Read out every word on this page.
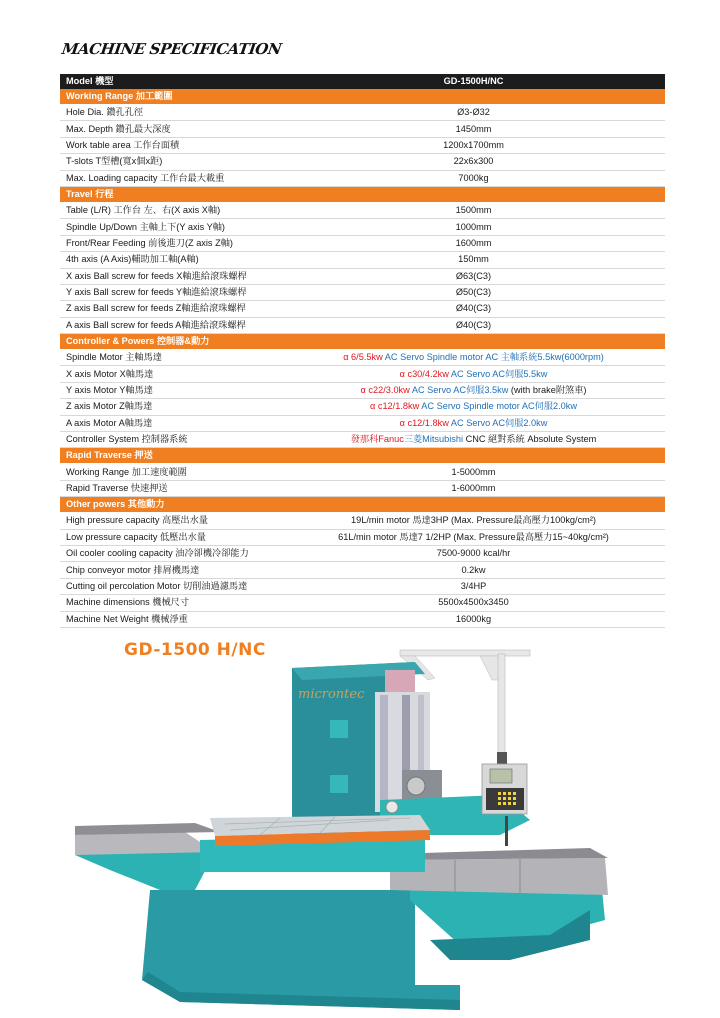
MACHINE SPECIFICATION
Model 機型	GD-1500H/NC
Working Range 加工範圍	
Hole Dia. 鑽孔孔徑	Ø3-Ø32
Max. Depth 鑽孔最大深度	1450mm
Work table area 工作台面積	1200x1700mm
T-slots T型槽(寬x個x距)	22x6x300
Max. Loading capacity 工作台最大載重	7000kg
Travel 行程	
Table (L/R) 工作台 左、右(X axis X軸)	1500mm
Spindle Up/Down 主軸上下(Y axis Y軸)	1000mm
Front/Rear Feeding 前後進刀(Z axis Z軸)	1600mm
4th axis (A Axis)輔助加工軸(A軸)	150mm
X axis Ball screw for feeds X軸進給滾珠螺桿	Ø63(C3)
Y axis Ball screw for feeds Y軸進給滾珠螺桿	Ø50(C3)
Z axis Ball screw for feeds Z軸進給滾珠螺桿	Ø40(C3)
A axis Ball screw for feeds A軸進給滾珠螺桿	Ø40(C3)
Controller & Powers 控制器&動力	
Spindle Motor 主軸馬達	α 6/5.5kw AC Servo Spindle motor AC 主軸系統5.5kw(6000rpm)
X axis Motor X軸馬達	α c30/4.2kw AC Servo AC伺服5.5kw
Y axis Motor Y軸馬達	α c22/3.0kw AC Servo AC伺服3.5kw (with brake附煞車)
Z axis Motor Z軸馬達	α c12/1.8kw AC Servo Spindle motor AC伺服2.0kw
A axis Motor A軸馬達	α c12/1.8kw AC Servo AC伺服2.0kw
Controller System 控制器系統	發那科Fanuc三菱Mitsubishi CNC 絕對系統 Absolute System
Rapid Traverse 押送	
Working Range 加工速度範圍	1-5000mm
Rapid Traverse 快速押送	1-6000mm
Other powers 其他動力	
High pressure capacity 高壓出水量	19L/min motor 馬達3HP (Max. Pressure最高壓力100kg/cm²)
Low pressure capacity 低壓出水量	61L/min motor 馬達7 1/2HP (Max. Pressure最高壓力15~40kg/cm²)
Oil cooler cooling capacity 油冷卻機冷卻能力	7500-9000 kcal/hr
Chip conveyor motor 排屑機馬達	0.2kw
Cutting oil percolation Motor 切削油過濾馬達	3/4HP
Machine dimensions 機械尺寸	5500x4500x3450
Machine Net Weight 機械淨重	16000kg
GD-1500 H/NC
microntec
